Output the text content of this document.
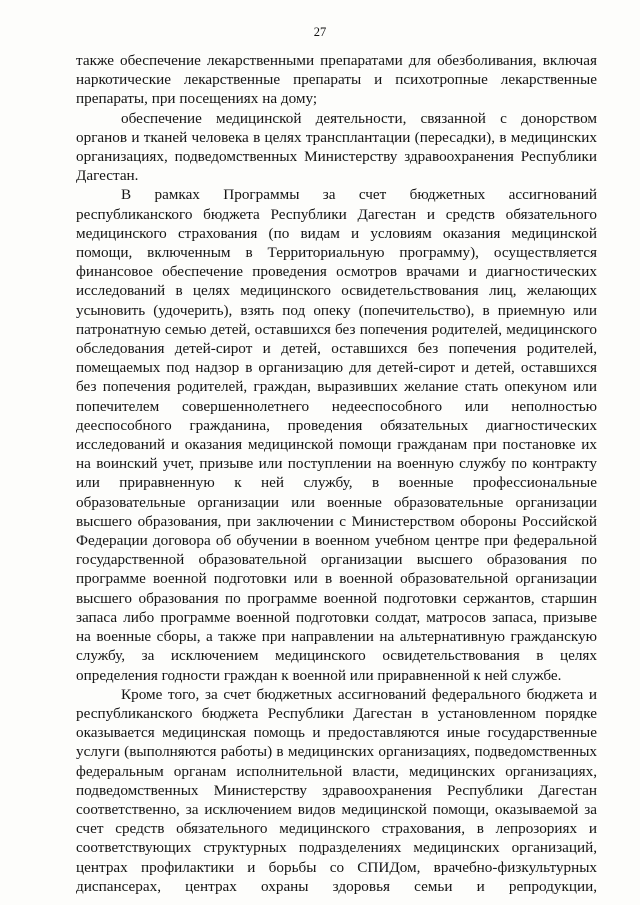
27

также обеспечение лекарственными препаратами для обезболивания, включая наркотические лекарственные препараты и психотропные лекарственные препараты, при посещениях на дому;

обеспечение медицинской деятельности, связанной с донорством органов и тканей человека в целях трансплантации (пересадки), в медицинских организациях, подведомственных Министерству здравоохранения Республики Дагестан.

В рамках Программы за счет бюджетных ассигнований республиканского бюджета Республики Дагестан и средств обязательного медицинского страхования (по видам и условиям оказания медицинской помощи, включенным в Территориальную программу), осуществляется финансовое обеспечение проведения осмотров врачами и диагностических исследований в целях медицинского освидетельствования лиц, желающих усыновить (удочерить), взять под опеку (попечительство), в приемную или патронатную семью детей, оставшихся без попечения родителей, медицинского обследования детей-сирот и детей, оставшихся без попечения родителей, помещаемых под надзор в организацию для детей-сирот и детей, оставшихся без попечения родителей, граждан, выразивших желание стать опекуном или попечителем совершеннолетнего недееспособного или неполностью дееспособного гражданина, проведения обязательных диагностических исследований и оказания медицинской помощи гражданам при постановке их на воинский учет, призыве или поступлении на военную службу по контракту или приравненную к ней службу, в военные профессиональные образовательные организации или военные образовательные организации высшего образования, при заключении с Министерством обороны Российской Федерации договора об обучении в военном учебном центре при федеральной государственной образовательной организации высшего образования по программе военной подготовки или в военной образовательной организации высшего образования по программе военной подготовки сержантов, старшин запаса либо программе военной подготовки солдат, матросов запаса, призыве на военные сборы, а также при направлении на альтернативную гражданскую службу, за исключением медицинского освидетельствования в целях определения годности граждан к военной или приравненной к ней службе.

Кроме того, за счет бюджетных ассигнований федерального бюджета и республиканского бюджета Республики Дагестан в установленном порядке оказывается медицинская помощь и предоставляются иные государственные услуги (выполняются работы) в медицинских организациях, подведомственных федеральным органам исполнительной власти, медицинских организациях, подведомственных Министерству здравоохранения Республики Дагестан соответственно, за исключением видов медицинской помощи, оказываемой за счет средств обязательного медицинского страхования, в лепрозориях и соответствующих структурных подразделениях медицинских организаций, центрах профилактики и борьбы со СПИДом, врачебно-физкультурных диспансерах, центрах охраны здоровья семьи и репродукции,
